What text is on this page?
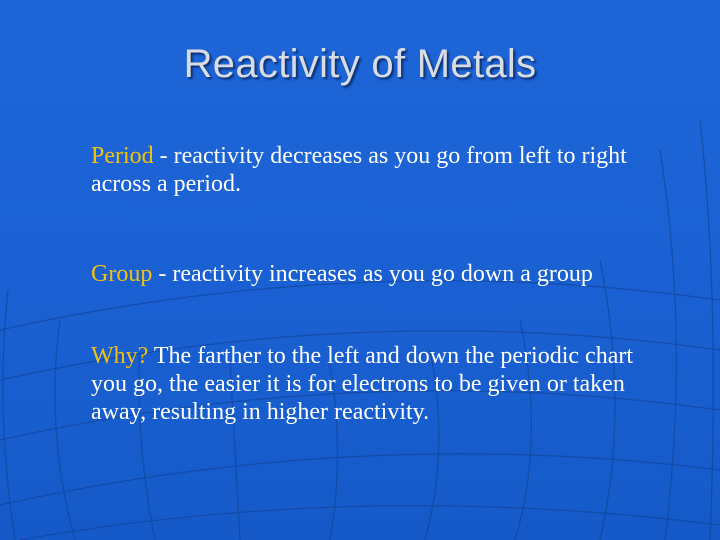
Reactivity of Metals
Period - reactivity decreases as you go from left to right across a period.
Group - reactivity increases as you go down a group
Why? The farther to the left and down the periodic chart you go, the easier it is for electrons to be given or taken away, resulting in higher reactivity.
